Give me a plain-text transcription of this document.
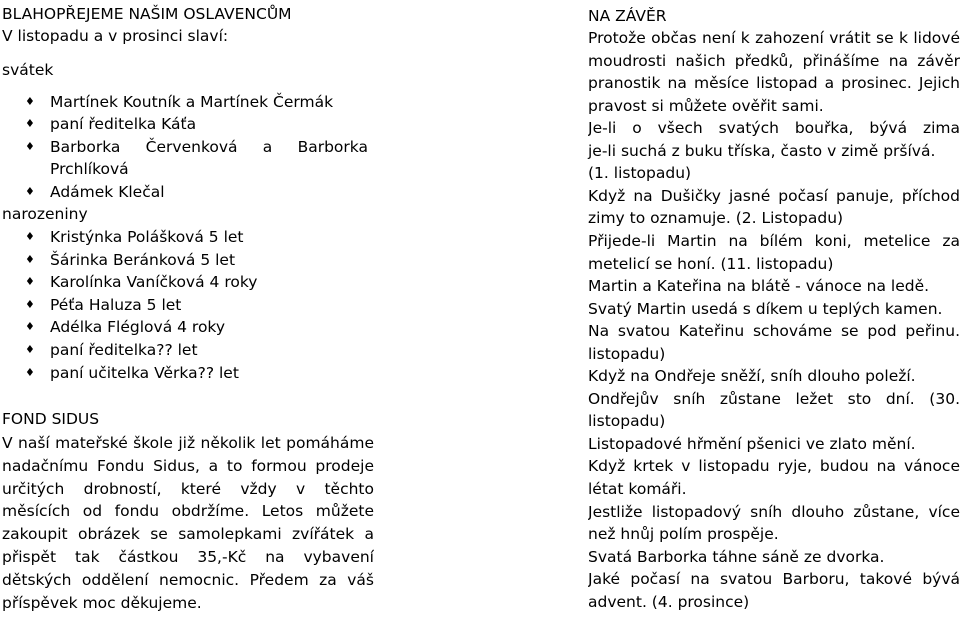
BLAHOPŘEJEME NAŠIM OSLAVENCŮM
V listopadu a v prosinci slaví:
svátek
♦ Martínek Koutník a Martínek Čermák
♦ paní ředitelka Káťa
♦ Barborka    Červenková    a    Barborka
Prchlíková
♦ Adámek Klečal
narozeniny
♦ Kristýnka Polášková 5 let
♦ Šárinka Beránková 5 let
♦ Karolínka Vaníčková 4 roky
♦ Péťa Haluza 5 let
♦ Adélka Fléglová 4 roky
♦ paní ředitelka?? let
♦ paní učitelka Věrka?? let
FOND SIDUS
V naší mateřské škole již několik let pomáháme
nadačnímu Fondu Sidus, a to formou prodeje
určitých drobností, které vždy v těchto
měsících od fondu obdržíme. Letos můžete
zakoupit obrázek se samolepkami zvířátek a
přispět tak částkou 35,-Kč na vybavení
dětských oddělení nemocnic. Předem za váš
příspěvek moc děkujeme.
NA ZÁVĚR
Protože občas není k zahození vrátit se k lidové
moudrosti našich předků, přinášíme na závěr
pranostik na měsíce listopad a prosinec. Jejich
pravost si můžete ověřit sami.
Je-li o všech svatých bouřka, bývá zima
je-li suchá z buku tříska, často v zimě pršívá.
(1. listopadu)
Když na Dušičky jasné počasí panuje, příchod
zimy to oznamuje. (2. Listopadu)
Přijede-li Martin na bílém koni, metelice za
metelicí se honí. (11. listopadu)
Martin a Kateřina na blátě - vánoce na ledě.
Svatý Martin usedá s díkem u teplých kamen.
Na svatou Kateřinu schováme se pod peřinu.
listopadu)
Když na Ondřeje sněží, sníh dlouho poleží.
Ondřejův sníh zůstane ležet sto dní. (30.
listopadu)
Listopadové hřmění pšenici ve zlato mění.
Když krtek v listopadu ryje, budou na vánoce
létat komáři.
Jestliže listopadový sníh dlouho zůstane, více
než hnůj polím prospěje.
Svatá Barborka táhne sáně ze dvorka.
Jaké počasí na svatou Barboru, takové bývá
advent. (4. prosince)
